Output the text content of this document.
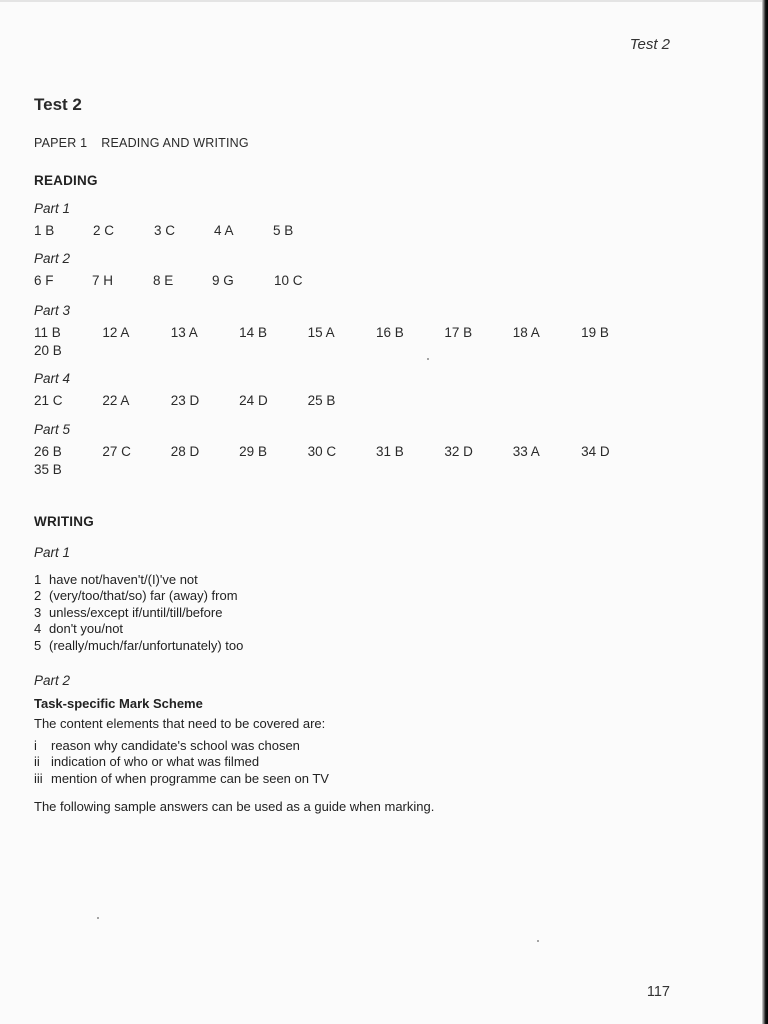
Test 2
Test 2
PAPER 1 READING AND WRITING
READING
Part 1
1 B	2 C	3 C	4 A	5 B
Part 2
6 F	7 H	8 E	9 G	10 C
Part 3
11 B	12 A	13 A	14 B	15 A	16 B	17 B	18 A	19 B
20 B
Part 4
21 C	22 A	23 D	24 D	25 B
Part 5
26 B	27 C	28 D	29 B	30 C	31 B	32 D	33 A	34 D
35 B
WRITING
Part 1
1 have not/haven't/(I)'ve not
2 (very/too/that/so) far (away) from
3 unless/except if/until/till/before
4 don't you/not
5 (really/much/far/unfortunately) too
Part 2
Task-specific Mark Scheme
The content elements that need to be covered are:
i reason why candidate's school was chosen
ii indication of who or what was filmed
iii mention of when programme can be seen on TV
The following sample answers can be used as a guide when marking.
117
